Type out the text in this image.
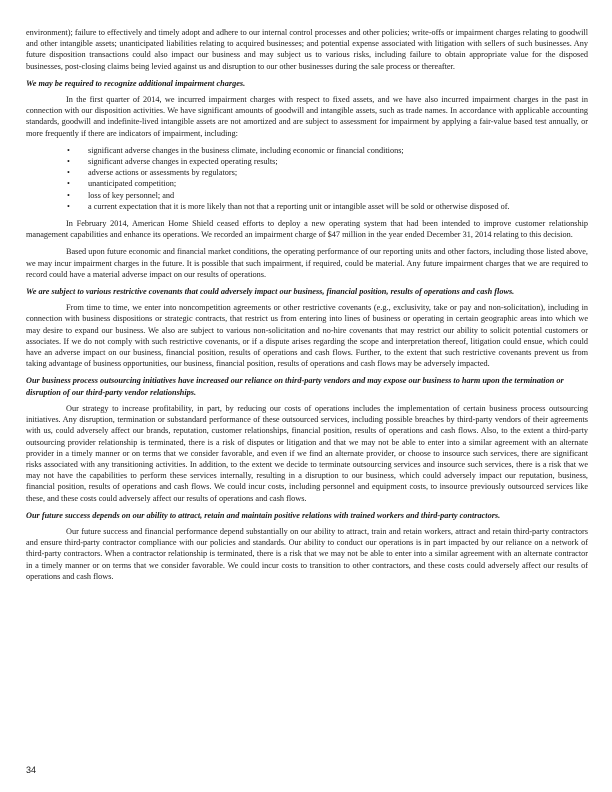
environment); failure to effectively and timely adopt and adhere to our internal control processes and other policies; write-offs or impairment charges relating to goodwill and other intangible assets; unanticipated liabilities relating to acquired businesses; and potential expense associated with litigation with sellers of such businesses. Any future disposition transactions could also impact our business and may subject us to various risks, including failure to obtain appropriate value for the disposed businesses, post-closing claims being levied against us and disruption to our other businesses during the sale process or thereafter.

We may be required to recognize additional impairment charges.

In the first quarter of 2014, we incurred impairment charges with respect to fixed assets, and we have also incurred impairment charges in the past in connection with our disposition activities. We have significant amounts of goodwill and intangible assets, such as trade names. In accordance with applicable accounting standards, goodwill and indefinite-lived intangible assets are not amortized and are subject to assessment for impairment by applying a fair-value based test annually, or more frequently if there are indicators of impairment, including:

• significant adverse changes in the business climate, including economic or financial conditions;
• significant adverse changes in expected operating results;
• adverse actions or assessments by regulators;
• unanticipated competition;
• loss of key personnel; and
• a current expectation that it is more likely than not that a reporting unit or intangible asset will be sold or otherwise disposed of.

In February 2014, American Home Shield ceased efforts to deploy a new operating system that had been intended to improve customer relationship management capabilities and enhance its operations. We recorded an impairment charge of $47 million in the year ended December 31, 2014 relating to this decision.

Based upon future economic and financial market conditions, the operating performance of our reporting units and other factors, including those listed above, we may incur impairment charges in the future. It is possible that such impairment, if required, could be material. Any future impairment charges that we are required to record could have a material adverse impact on our results of operations.

We are subject to various restrictive covenants that could adversely impact our business, financial position, results of operations and cash flows.

From time to time, we enter into noncompetition agreements or other restrictive covenants (e.g., exclusivity, take or pay and non-solicitation), including in connection with business dispositions or strategic contracts, that restrict us from entering into lines of business or operating in certain geographic areas into which we may desire to expand our business. We also are subject to various non-solicitation and no-hire covenants that may restrict our ability to solicit potential customers or associates. If we do not comply with such restrictive covenants, or if a dispute arises regarding the scope and interpretation thereof, litigation could ensue, which could have an adverse impact on our business, financial position, results of operations and cash flows. Further, to the extent that such restrictive covenants prevent us from taking advantage of business opportunities, our business, financial position, results of operations and cash flows may be adversely impacted.

Our business process outsourcing initiatives have increased our reliance on third-party vendors and may expose our business to harm upon the termination or disruption of our third-party vendor relationships.

Our strategy to increase profitability, in part, by reducing our costs of operations includes the implementation of certain business process outsourcing initiatives. Any disruption, termination or substandard performance of these outsourced services, including possible breaches by third-party vendors of their agreements with us, could adversely affect our brands, reputation, customer relationships, financial position, results of operations and cash flows. Also, to the extent a third-party outsourcing provider relationship is terminated, there is a risk of disputes or litigation and that we may not be able to enter into a similar agreement with an alternate provider in a timely manner or on terms that we consider favorable, and even if we find an alternate provider, or choose to insource such services, there are significant risks associated with any transitioning activities. In addition, to the extent we decide to terminate outsourcing services and insource such services, there is a risk that we may not have the capabilities to perform these services internally, resulting in a disruption to our business, which could adversely impact our reputation, business, financial position, results of operations and cash flows. We could incur costs, including personnel and equipment costs, to insource previously outsourced services like these, and these costs could adversely affect our results of operations and cash flows.

Our future success depends on our ability to attract, retain and maintain positive relations with trained workers and third-party contractors.

Our future success and financial performance depend substantially on our ability to attract, train and retain workers, attract and retain third-party contractors and ensure third-party contractor compliance with our policies and standards. Our ability to conduct our operations is in part impacted by our reliance on a network of third-party contractors. When a contractor relationship is terminated, there is a risk that we may not be able to enter into a similar agreement with an alternate contractor in a timely manner or on terms that we consider favorable. We could incur costs to transition to other contractors, and these costs could adversely affect our results of operations and cash flows.

34
